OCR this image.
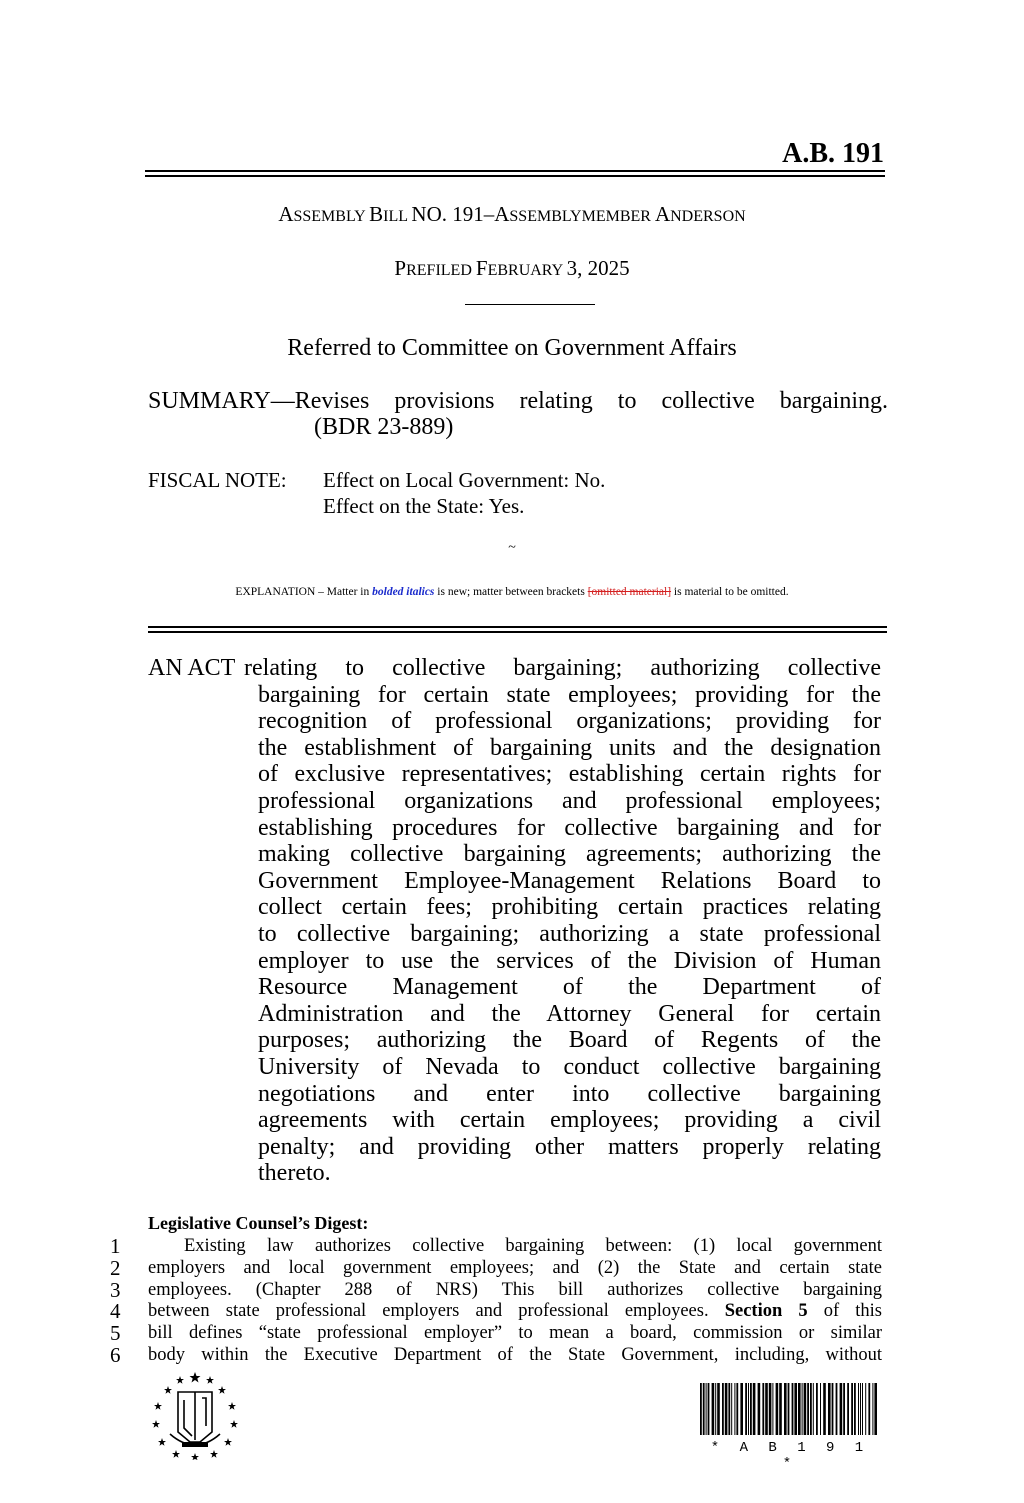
A.B. 191
ASSEMBLY BILL NO. 191–ASSEMBLYMEMBER ANDERSON
PREFILED FEBRUARY 3, 2025
Referred to Committee on Government Affairs
SUMMARY— Revises provisions relating to collective bargaining.
(BDR 23-889)
FISCAL NOTE:	Effect on Local Government: No.
Effect on the State: Yes.
~
EXPLANATION – Matter in bolded italics is new; matter between brackets [omitted material] is material to be omitted.
AN ACT relating to collective bargaining; authorizing collective
bargaining for certain state employees; providing for the
recognition of professional organizations; providing for
the establishment of bargaining units and the designation
of exclusive representatives; establishing certain rights for
professional organizations and professional employees;
establishing procedures for collective bargaining and for
making collective bargaining agreements; authorizing the
Government Employee-Management Relations Board to
collect certain fees; prohibiting certain practices relating
to collective bargaining; authorizing a state professional
employer to use the services of the Division of Human
Resource Management of the Department of
Administration and the Attorney General for certain
purposes; authorizing the Board of Regents of the
University of Nevada to conduct collective bargaining
negotiations and enter into collective bargaining
agreements with certain employees; providing a civil
penalty; and providing other matters properly relating
thereto.
Legislative Counsel’s Digest:
1	Existing law authorizes collective bargaining between: (1) local government
2	employers and local government employees; and (2) the State and certain state
3	employees. (Chapter 288 of NRS) This bill authorizes collective bargaining
4	between state professional employers and professional employees. Section 5 of this
5	bill defines “state professional employer” to mean a board, commission or similar
6	body within the Executive Department of the State Government, including, without
* A B 1 9 1 *
